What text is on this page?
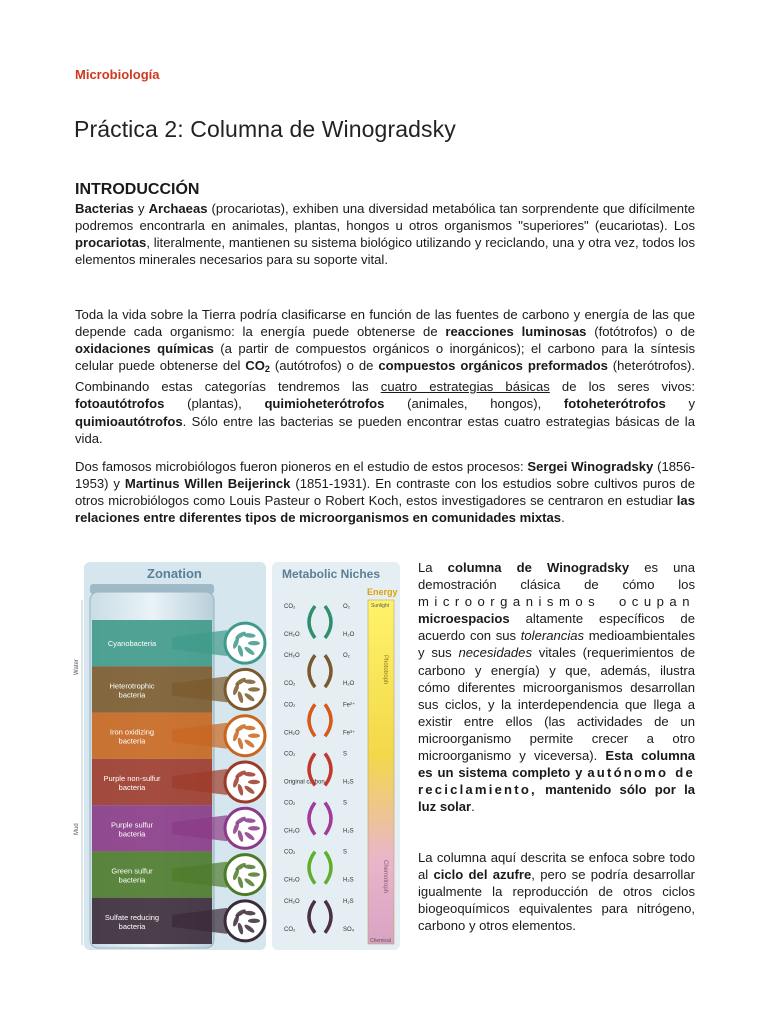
Microbiología
Práctica 2: Columna de Winogradsky
INTRODUCCIÓN
Bacterias y Archaeas (procariotas), exhiben una diversidad metabólica tan sorprendente que difícilmente podremos encontrarla en animales, plantas, hongos u otros organismos "superiores" (eucariotas). Los procariotas, literalmente, mantienen su sistema biológico utilizando y reciclando, una y otra vez, todos los elementos minerales necesarios para su soporte vital.
Toda la vida sobre la Tierra podría clasificarse en función de las fuentes de carbono y energía de las que depende cada organismo: la energía puede obtenerse de reacciones luminosas (fotótrofos) o de oxidaciones químicas (a partir de compuestos orgánicos o inorgánicos); el carbono para la síntesis celular puede obtenerse del $CO_2$ (autótrofos) o de compuestos orgánicos preformados (heterótrofos). Combinando estas categorías tendremos las cuatro estrategias básicas de los seres vivos: fotoautótrofos (plantas), quimioheterótrofos (animales, hongos), fotoheterótrofos y quimioautótrofos. Sólo entre las bacterias se pueden encontrar estas cuatro estrategias básicas de la vida.
Dos famosos microbiólogos fueron pioneros en el estudio de estos procesos: Sergei Winogradsky (1856- 1953) y Martinus Willen Beijerinck (1851-1931). En contraste con los estudios sobre cultivos puros de otros microbiólogos como Louis Pasteur o Robert Koch, estos investigadores se centraron en estudiar las relaciones entre diferentes tipos de microorganismos en comunidades mixtas.
La columna de Winogradsky es una demostración clásica de cómo los microorganismos ocupan microespacios altamente específicos de acuerdo con sus tolerancias medioambientales y sus necesidades vitales (requerimientos de carbono y energía) y que, además, ilustra cómo diferentes microorganismos desarrollan sus ciclos, y la interdependencia que llega a existir entre ellos (las actividades de un microorganismo permite crecer a otro microorganismo y viceversa). Esta columna es un sistema completo y autónomo de reciclamiento, mantenido sólo por la luz solar.
La columna aquí descrita se enfoca sobre todo al ciclo del azufre, pero se podría desarrollar igualmente la reproducción de otros ciclos biogeoquímicos equivalentes para nitrógeno, carbono y otros elementos.
Zonation	Metabolic Niches
Water
Mud
Cyanobacteria
Heterotrophic
bacteria
Iron oxidizing
bacteria
Purple non-sulfur
bacteria
Purple sulfur
bacteria
Green sulfur
bacteria
Sulfate reducing
bacteria
CO₂
CH₂O
O₂
H₂O
CH₂O
CO₂
O₂
H₂O
CO₂
CH₂O
Fe²⁺
Fe³⁺
CO₂
Original carbon
S
H₂S
CO₂
CH₂O
S
H₂S
CO₂
CH₂O
S
H₂S
CH₂O
CO₂
H₂S
SO₄
Energy
Sunlight
Phototroph
Chemotroph
Chemical
